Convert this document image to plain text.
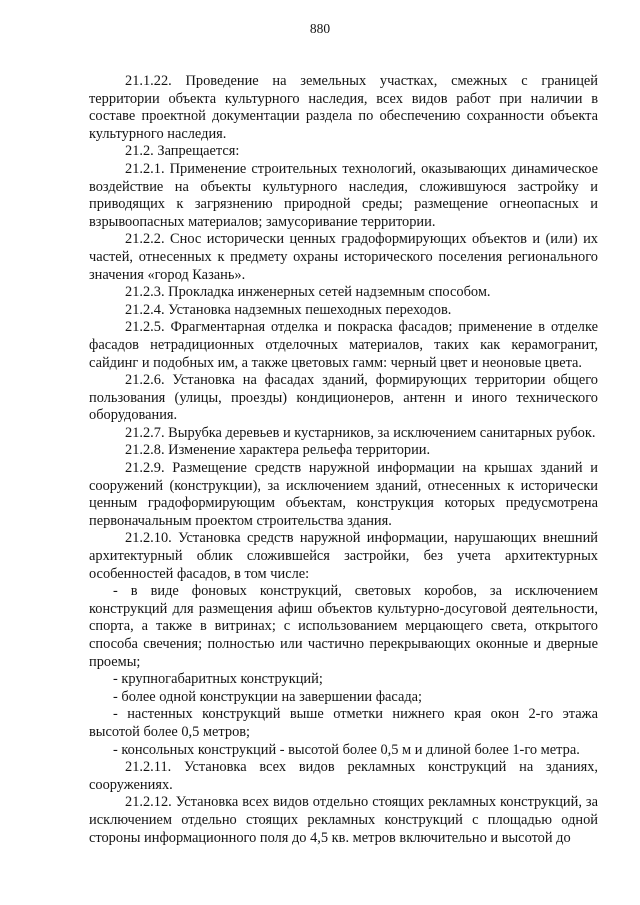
880

21.1.22. Проведение на земельных участках, смежных с границей территории объекта культурного наследия, всех видов работ при наличии в составе проектной документации раздела по обеспечению сохранности объекта культурного наследия.

21.2. Запрещается:

21.2.1. Применение строительных технологий, оказывающих динамическое воздействие на объекты культурного наследия, сложившуюся застройку и приводящих к загрязнению природной среды; размещение огнеопасных и взрывоопасных материалов; замусоривание территории.

21.2.2. Снос исторически ценных градоформирующих объектов и (или) их частей, отнесенных к предмету охраны исторического поселения регионального значения «город Казань».

21.2.3. Прокладка инженерных сетей надземным способом.

21.2.4. Установка надземных пешеходных переходов.

21.2.5. Фрагментарная отделка и покраска фасадов; применение в отделке фасадов нетрадиционных отделочных материалов, таких как керамогранит, сайдинг и подобных им, а также цветовых гамм: черный цвет и неоновые цвета.

21.2.6. Установка на фасадах зданий, формирующих территории общего пользования (улицы, проезды) кондиционеров, антенн и иного технического оборудования.

21.2.7. Вырубка деревьев и кустарников, за исключением санитарных рубок.

21.2.8. Изменение характера рельефа территории.

21.2.9. Размещение средств наружной информации на крышах зданий и сооружений (конструкции), за исключением зданий, отнесенных к исторически ценным градоформирующим объектам, конструкция которых предусмотрена первоначальным проектом строительства здания.

21.2.10. Установка средств наружной информации, нарушающих внешний архитектурный облик сложившейся застройки, без учета архитектурных особенностей фасадов, в том числе:

- в виде фоновых конструкций, световых коробов, за исключением конструкций для размещения афиш объектов культурно-досуговой деятельности, спорта, а также в витринах; с использованием мерцающего света, открытого способа свечения; полностью или частично перекрывающих оконные и дверные проемы;

- крупногабаритных конструкций;

- более одной конструкции на завершении фасада;

- настенных конструкций выше отметки нижнего края окон 2-го этажа высотой более 0,5 метров;

- консольных конструкций - высотой более 0,5 м и длиной более 1-го метра.

21.2.11. Установка всех видов рекламных конструкций на зданиях, сооружениях.

21.2.12. Установка всех видов отдельно стоящих рекламных конструкций, за исключением отдельно стоящих рекламных конструкций с площадью одной стороны информационного поля до 4,5 кв. метров включительно и высотой до
